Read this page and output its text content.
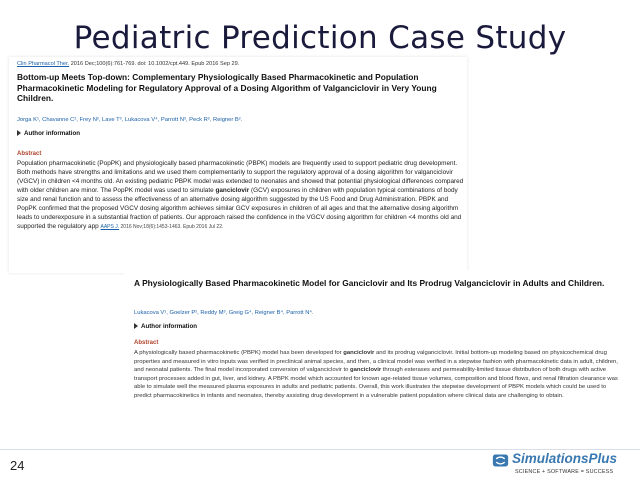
Pediatric Prediction Case Study
Clin Pharmacol Ther. 2016 Dec;100(6):761-769. doi: 10.1002/cpt.449. Epub 2016 Sep 29.
Bottom-up Meets Top-down: Complementary Physiologically Based Pharmacokinetic and Population Pharmacokinetic Modeling for Regulatory Approval of a Dosing Algorithm of Valganciclovir in Very Young Children.
Jorga K¹, Chavanne C², Frey N², Lave T³, Lukacova V⁴, Parrott N³, Peck R², Reigner B².
Author information
Abstract
Population pharmacokinetic (PopPK) and physiologically based pharmacokinetic (PBPK) models are frequently used to support pediatric drug development. Both methods have strengths and limitations and we used them complementarily to support the regulatory approval of a dosing algorithm for valganciclovir (VGCV) in children <4 months old. An existing pediatric PBPK model was extended to neonates and showed that potential physiological differences compared with older children are minor. The PopPK model was used to simulate ganciclovir (GCV) exposures in children with population typical combinations of body size and renal function and to assess the effectiveness of an alternative dosing algorithm suggested by the US Food and Drug Administration. PBPK and PopPK confirmed that the proposed VGCV dosing algorithm achieves similar GCV exposures in children of all ages and that the alternative dosing algorithm leads to underexposure in a substantial fraction of patients. Our approach raised the confidence in the VGCV dosing algorithm for children <4 months old and supported the regulatory app AAPS J. 2016 Nov;18(6):1453-1463. Epub 2016 Jul 22.
A Physiologically Based Pharmacokinetic Model for Ganciclovir and Its Prodrug Valganciclovir in Adults and Children.
Lukacova V¹, Goelzer P², Reddy M³, Greig G⁴, Reigner B⁴, Parrott N⁴.
Author information
Abstract
A physiologically based pharmacokinetic (PBPK) model has been developed for ganciclovir and its prodrug valganciclovir. Initial bottom-up modeling based on physicochemical drug properties and measured in vitro inputs was verified in preclinical animal species, and then, a clinical model was verified in a stepwise fashion with pharmacokinetic data in adult, children, and neonatal patients. The final model incorporated conversion of valganciclovir to ganciclovir through esterases and permeability-limited tissue distribution of both drugs with active transport processes added in gut, liver, and kidney. A PBPK model which accounted for known age-related tissue volumes, composition and blood flows, and renal filtration clearance was able to simulate well the measured plasma exposures in adults and pediatric patients. Overall, this work illustrates the stepwise development of PBPK models which could be used to predict pharmacokinetics in infants and neonates, thereby assisting drug development in a vulnerable patient population where clinical data are challenging to obtain.
24	SimulationsPlus
SCIENCE + SOFTWARE = SUCCESS
